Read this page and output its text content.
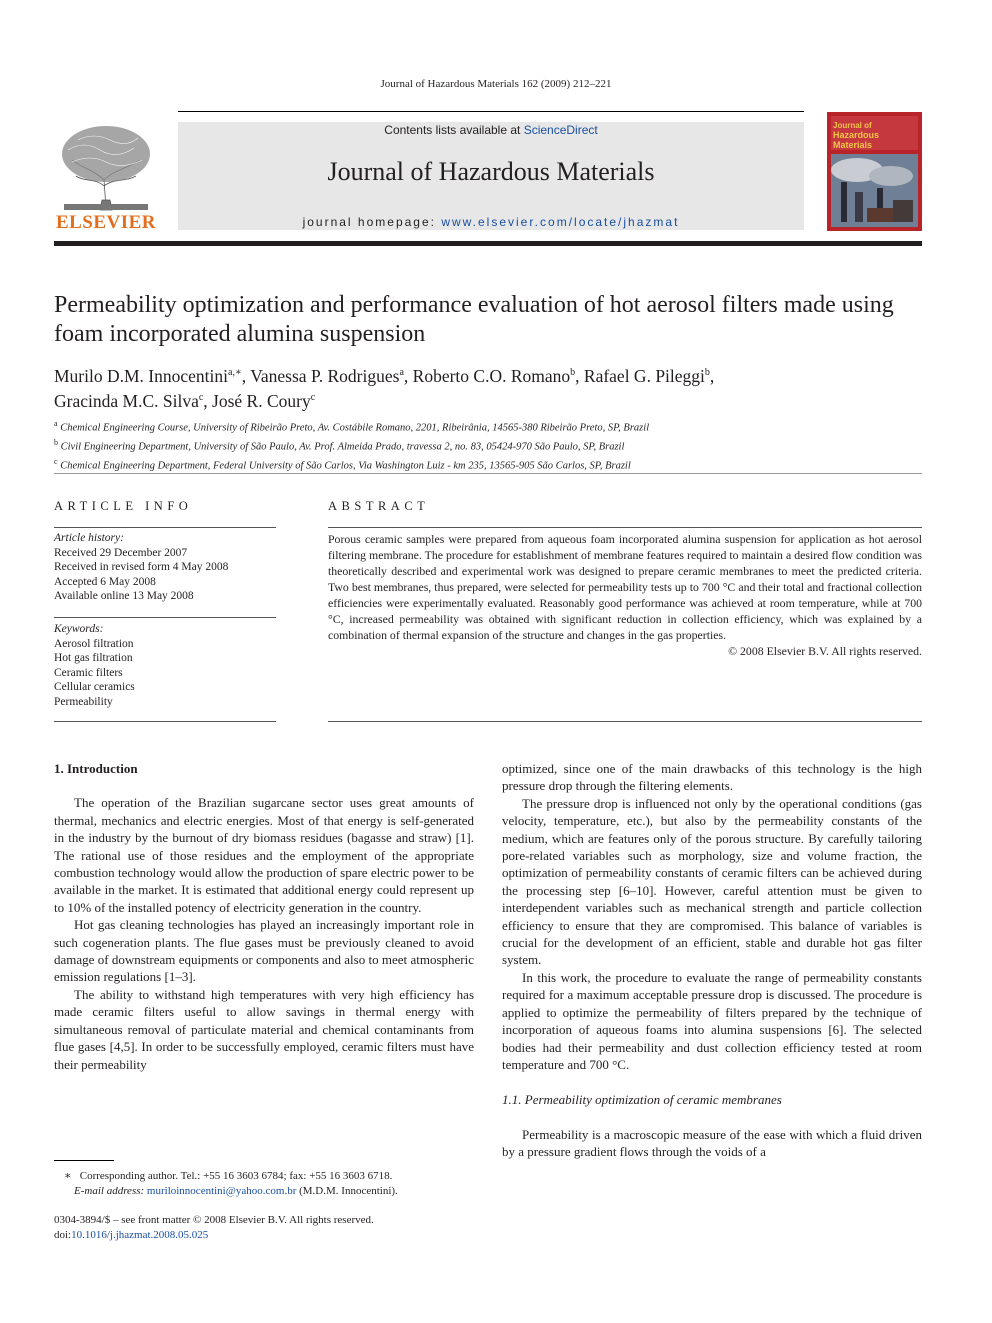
Journal of Hazardous Materials 162 (2009) 212–221
ELSEVIER
Contents lists available at ScienceDirect
Journal of Hazardous Materials
journal homepage: www.elsevier.com/locate/jhazmat
Journal of
Hazardous
Materials
Permeability optimization and performance evaluation of hot aerosol filters made using foam incorporated alumina suspension
Murilo D.M. Innocentini$^{a,∗}$, Vanessa P. Rodrigues$^a$, Roberto C.O. Romano$^b$, Rafael G. Pileggi$^b$,
Gracinda M.C. Silva$^c$, José R. Coury$^c$
$^a$ Chemical Engineering Course, University of Ribeirão Preto, Av. Costábile Romano, 2201, Ribeirânia, 14565-380 Ribeirão Preto, SP, Brazil
$^b$ Civil Engineering Department, University of São Paulo, Av. Prof. Almeida Prado, travessa 2, no. 83, 05424-970 São Paulo, SP, Brazil
$^c$ Chemical Engineering Department, Federal University of São Carlos, Via Washington Luiz - km 235, 13565-905 São Carlos, SP, Brazil
ARTICLE INFO	ABSTRACT
Article history:
Received 29 December 2007
Received in revised form 4 May 2008
Accepted 6 May 2008
Available online 13 May 2008
Keywords:
Aerosol filtration
Hot gas filtration
Ceramic filters
Cellular ceramics
Permeability
Porous ceramic samples were prepared from aqueous foam incorporated alumina suspension for application as hot aerosol filtering membrane. The procedure for establishment of membrane features required to maintain a desired flow condition was theoretically described and experimental work was designed to prepare ceramic membranes to meet the predicted criteria. Two best membranes, thus prepared, were selected for permeability tests up to 700 °C and their total and fractional collection efficiencies were experimentally evaluated. Reasonably good performance was achieved at room temperature, while at 700 °C, increased permeability was obtained with significant reduction in collection efficiency, which was explained by a combination of thermal expansion of the structure and changes in the gas properties.
© 2008 Elsevier B.V. All rights reserved.

1. Introduction

The operation of the Brazilian sugarcane sector uses great amounts of thermal, mechanics and electric energies. Most of that energy is self-generated in the industry by the burnout of dry biomass residues (bagasse and straw) [1]. The rational use of those residues and the employment of the appropriate combustion technology would allow the production of spare electric power to be available in the market. It is estimated that additional energy could represent up to 10% of the installed potency of electricity generation in the country.

Hot gas cleaning technologies has played an increasingly important role in such cogeneration plants. The flue gases must be previously cleaned to avoid damage of downstream equipments or components and also to meet atmospheric emission regulations [1–3].

The ability to withstand high temperatures with very high efficiency has made ceramic filters useful to allow savings in thermal energy with simultaneous removal of particulate material and chemical contaminants from flue gases [4,5]. In order to be successfully employed, ceramic filters must have their permeability

optimized, since one of the main drawbacks of this technology is the high pressure drop through the filtering elements.

The pressure drop is influenced not only by the operational conditions (gas velocity, temperature, etc.), but also by the permeability constants of the medium, which are features only of the porous structure. By carefully tailoring pore-related variables such as morphology, size and volume fraction, the optimization of permeability constants of ceramic filters can be achieved during the processing step [6–10]. However, careful attention must be given to interdependent variables such as mechanical strength and particle collection efficiency to ensure that they are compromised. This balance of variables is crucial for the development of an efficient, stable and durable hot gas filter system.

In this work, the procedure to evaluate the range of permeability constants required for a maximum acceptable pressure drop is discussed. The procedure is applied to optimize the permeability of filters prepared by the technique of incorporation of aqueous foams into alumina suspensions [6]. The selected bodies had their permeability and dust collection efficiency tested at room temperature and 700 °C.

1.1. Permeability optimization of ceramic membranes

Permeability is a macroscopic measure of the ease with which a fluid driven by a pressure gradient flows through the voids of a

∗ Corresponding author. Tel.: +55 16 3603 6784; fax: +55 16 3603 6718.
E-mail address: muriloinnocentini@yahoo.com.br (M.D.M. Innocentini).
0304-3894/$ – see front matter © 2008 Elsevier B.V. All rights reserved.
doi:10.1016/j.jhazmat.2008.05.025
